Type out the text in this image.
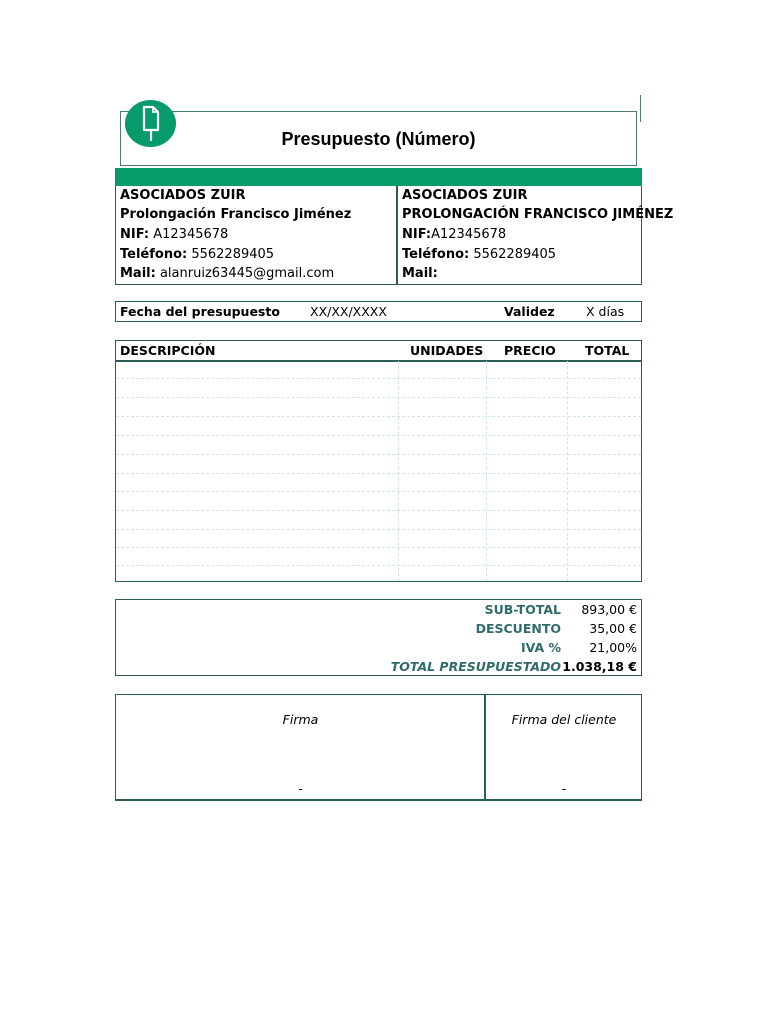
Presupuesto (Número)
ASOCIADOS ZUIR
Prolongación Francisco Jiménez
NIF: A12345678
Teléfono: 5562289405
Mail: alanruiz63445@gmail.com
ASOCIADOS ZUIR
PROLONGACIÓN FRANCISCO JIMÉNEZ
NIF:A12345678
Teléfono: 5562289405
Mail:
Fecha del presupuesto XX/XX/XXXX	Validez	X días
DESCRIPCIÓN	UNIDADES PRECIO TOTAL
SUB-TOTAL 893,00 €
DESCUENTO 35,00 €
IVA % 21,00%
TOTAL PRESUPUESTADO 1.038,18 €
Firma
-
Firma del cliente
-
